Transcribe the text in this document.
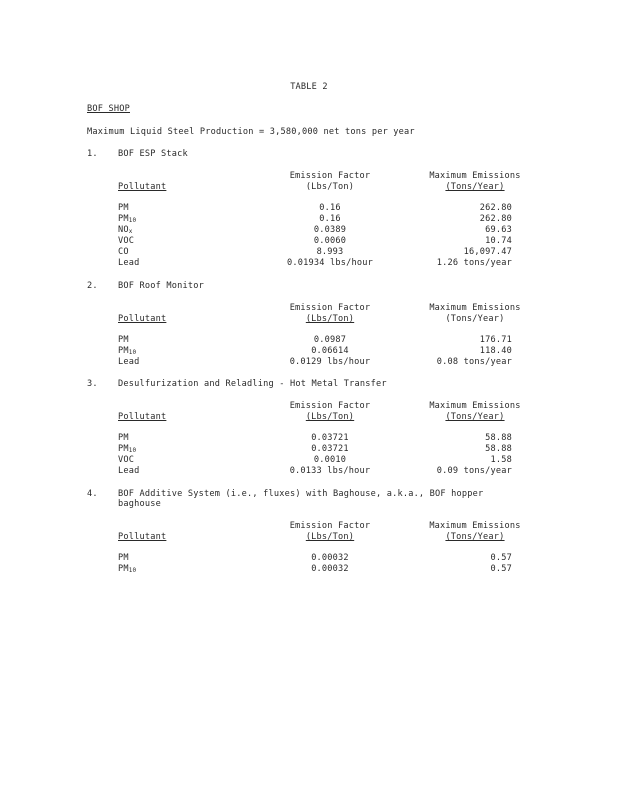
TABLE 2
BOF SHOP
Maximum Liquid Steel Production = 3,580,000 net tons per year
1. BOF ESP Stack
Emission Factor	Maximum Emissions
Pollutant	(Lbs/Ton)	(Tons/Year)
PM	0.16	262.80
$PM_{10}$	0.16	262.80
$NO_x$	0.0389	69.63
VOC	0.0060	10.74
CO	8.993	16,097.47
Lead	0.01934 lbs/hour	1.26 tons/year
2. BOF Roof Monitor
Emission Factor	Maximum Emissions
Pollutant	(Lbs/Ton)	(Tons/Year)
PM	0.0987	176.71
$PM_{10}$	0.06614	118.40
Lead	0.0129 lbs/hour	0.08 tons/year
3. Desulfurization and Reladling - Hot Metal Transfer
Emission Factor	Maximum Emissions
Pollutant	(Lbs/Ton)	(Tons/Year)
PM	0.03721	58.88
$PM_{10}$	0.03721	58.88
VOC	0.0010	1.58
Lead	0.0133 lbs/hour	0.09 tons/year
4. BOF Additive System (i.e., fluxes) with Baghouse, a.k.a., BOF hopper
baghouse
Emission Factor	Maximum Emissions
Pollutant	(Lbs/Ton)	(Tons/Year)
PM	0.00032	0.57
$PM_{10}$	0.00032	0.57
